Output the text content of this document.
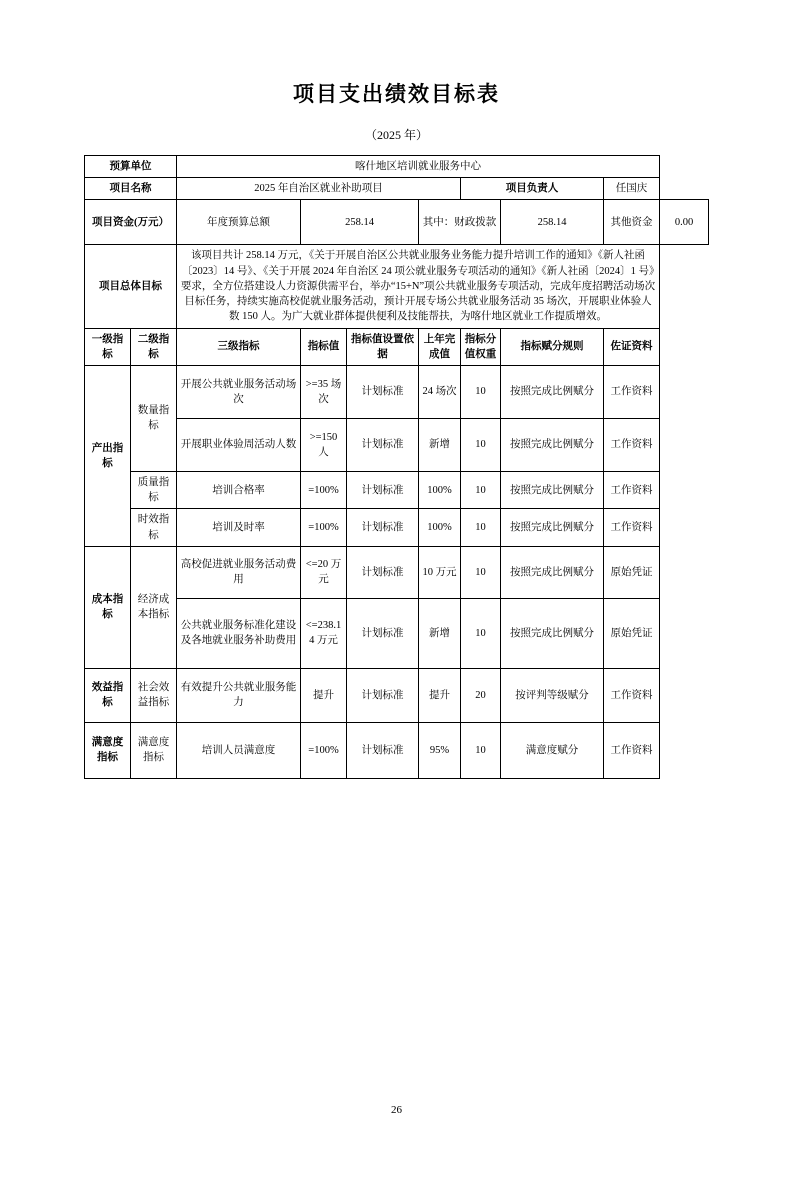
项目支出绩效目标表
（2025 年）
预算单位		喀什地区培训就业服务中心							
项目名称		2025 年自治区就业补助项目				项目负责人		任国庆	
项目资金(万元）		年度预算总额	258.14		其中：财政拨款		258.14	其他资金	0.00
项目总体目标		该项目共计 258.14 万元，《关于开展自治区公共就业服务业务能力提升培训工作的通知》《新人社函〔2023〕14 号》、《关于开展 2024 年自治区 24 项公就业服务专项活动的通知》《新人社函〔2024〕1 号》要求，全方位搭建设人力资源供需平台，举办“15+N”项公共就业服务专项活动，完成年度招聘活动场次目标任务，持续实施高校促就业服务活动，预计开展专场公共就业服务活动 35 场次，开展职业体验人数 150 人。为广大就业群体提供便利及技能帮扶，为喀什地区就业工作提质增效。							
一级指标	二级指标	三级指标	指标值	指标值设置依据	上年完成值	指标分值权重	指标赋分规则	佐证资料	
产出指标	数量指标	开展公共就业服务活动场次	>=35 场次	计划标准	24 场次	10	按照完成比例赋分	工作资料	
		开展职业体验周活动人数	>=150 人	计划标准	新增	10	按照完成比例赋分	工作资料	
	质量指标	培训合格率	=100%	计划标准	100%	10	按照完成比例赋分	工作资料	
	时效指标	培训及时率	=100%	计划标准	100%	10	按照完成比例赋分	工作资料	
成本指标	经济成本指标	高校促进就业服务活动费用	<=20 万元	计划标准	10 万元	10	按照完成比例赋分	原始凭证	
		公共就业服务标准化建设及各地就业服务补助费用	<=238.14 万元	计划标准	新增	10	按照完成比例赋分	原始凭证	
效益指标	社会效益指标	有效提升公共就业服务能力	提升	计划标准	提升	20	按评判等级赋分	工作资料	
满意度指标	满意度指标	培训人员满意度	=100%	计划标准	95%	10	满意度赋分	工作资料	
26
